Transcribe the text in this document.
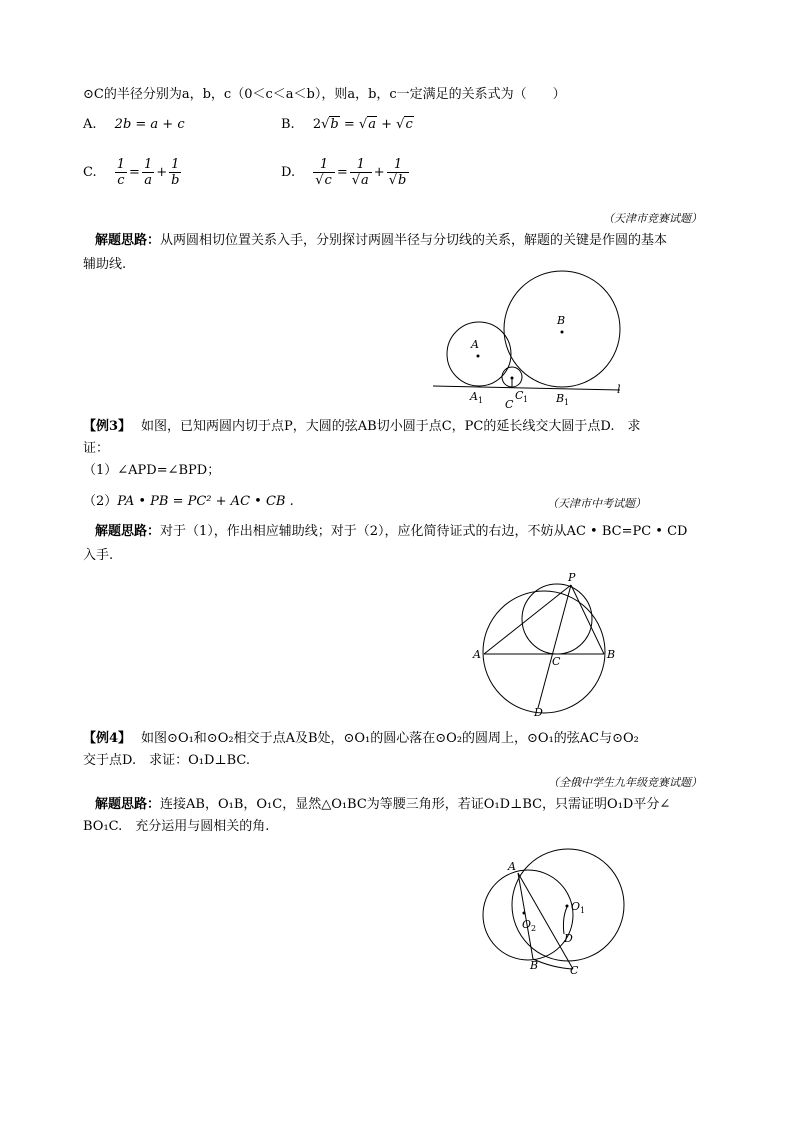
⊙C的半径分别为a，b，c（0＜c＜a＜b），则a，b，c一定满足的关系式为（　　）
A. 2b = a + c	B. 2√b = √a + √c
C. $\frac{1}{c} = \frac{1}{a} + \frac{1}{b}$	D. $\frac{1}{√c} = \frac{1}{√a} + \frac{1}{√b}$
（天津市竞赛试题）
解题思路：从两圆相切位置关系入手，分别探讨两圆半径与分切线的关系，解题的关键是作圆的基本
辅助线.
A
B
A 1	B 1
C
C 1
l
【例3】 如图，已知两圆内切于点P，大圆的弦AB切小圆于点C，PC的延长线交大圆于点D.　求
证：
（1）∠APD=∠BPD；
（2）PA • PB = PC² + AC • CB .	（天津市中考试题）
解题思路：对于（1），作出相应辅助线；对于（2），应化简待证式的右边，不妨从AC • BC=PC • CD
入手.
P
A	B
C
D
【例4】 如图⊙O₁和⊙O₂相交于点A及B处，⊙O₁的圆心落在⊙O₂的圆周上，⊙O₁的弦AC与⊙O₂
交于点D.　求证：O₁D⊥BC.
（全俄中学生九年级竞赛试题）
解题思路：连接AB，O₁B，O₁C，显然△O₁BC为等腰三角形，若证O₁D⊥BC，只需证明O₁D平分∠
BO₁C.　充分运用与圆相关的角.
A
O 1
O 2
D
B	C
